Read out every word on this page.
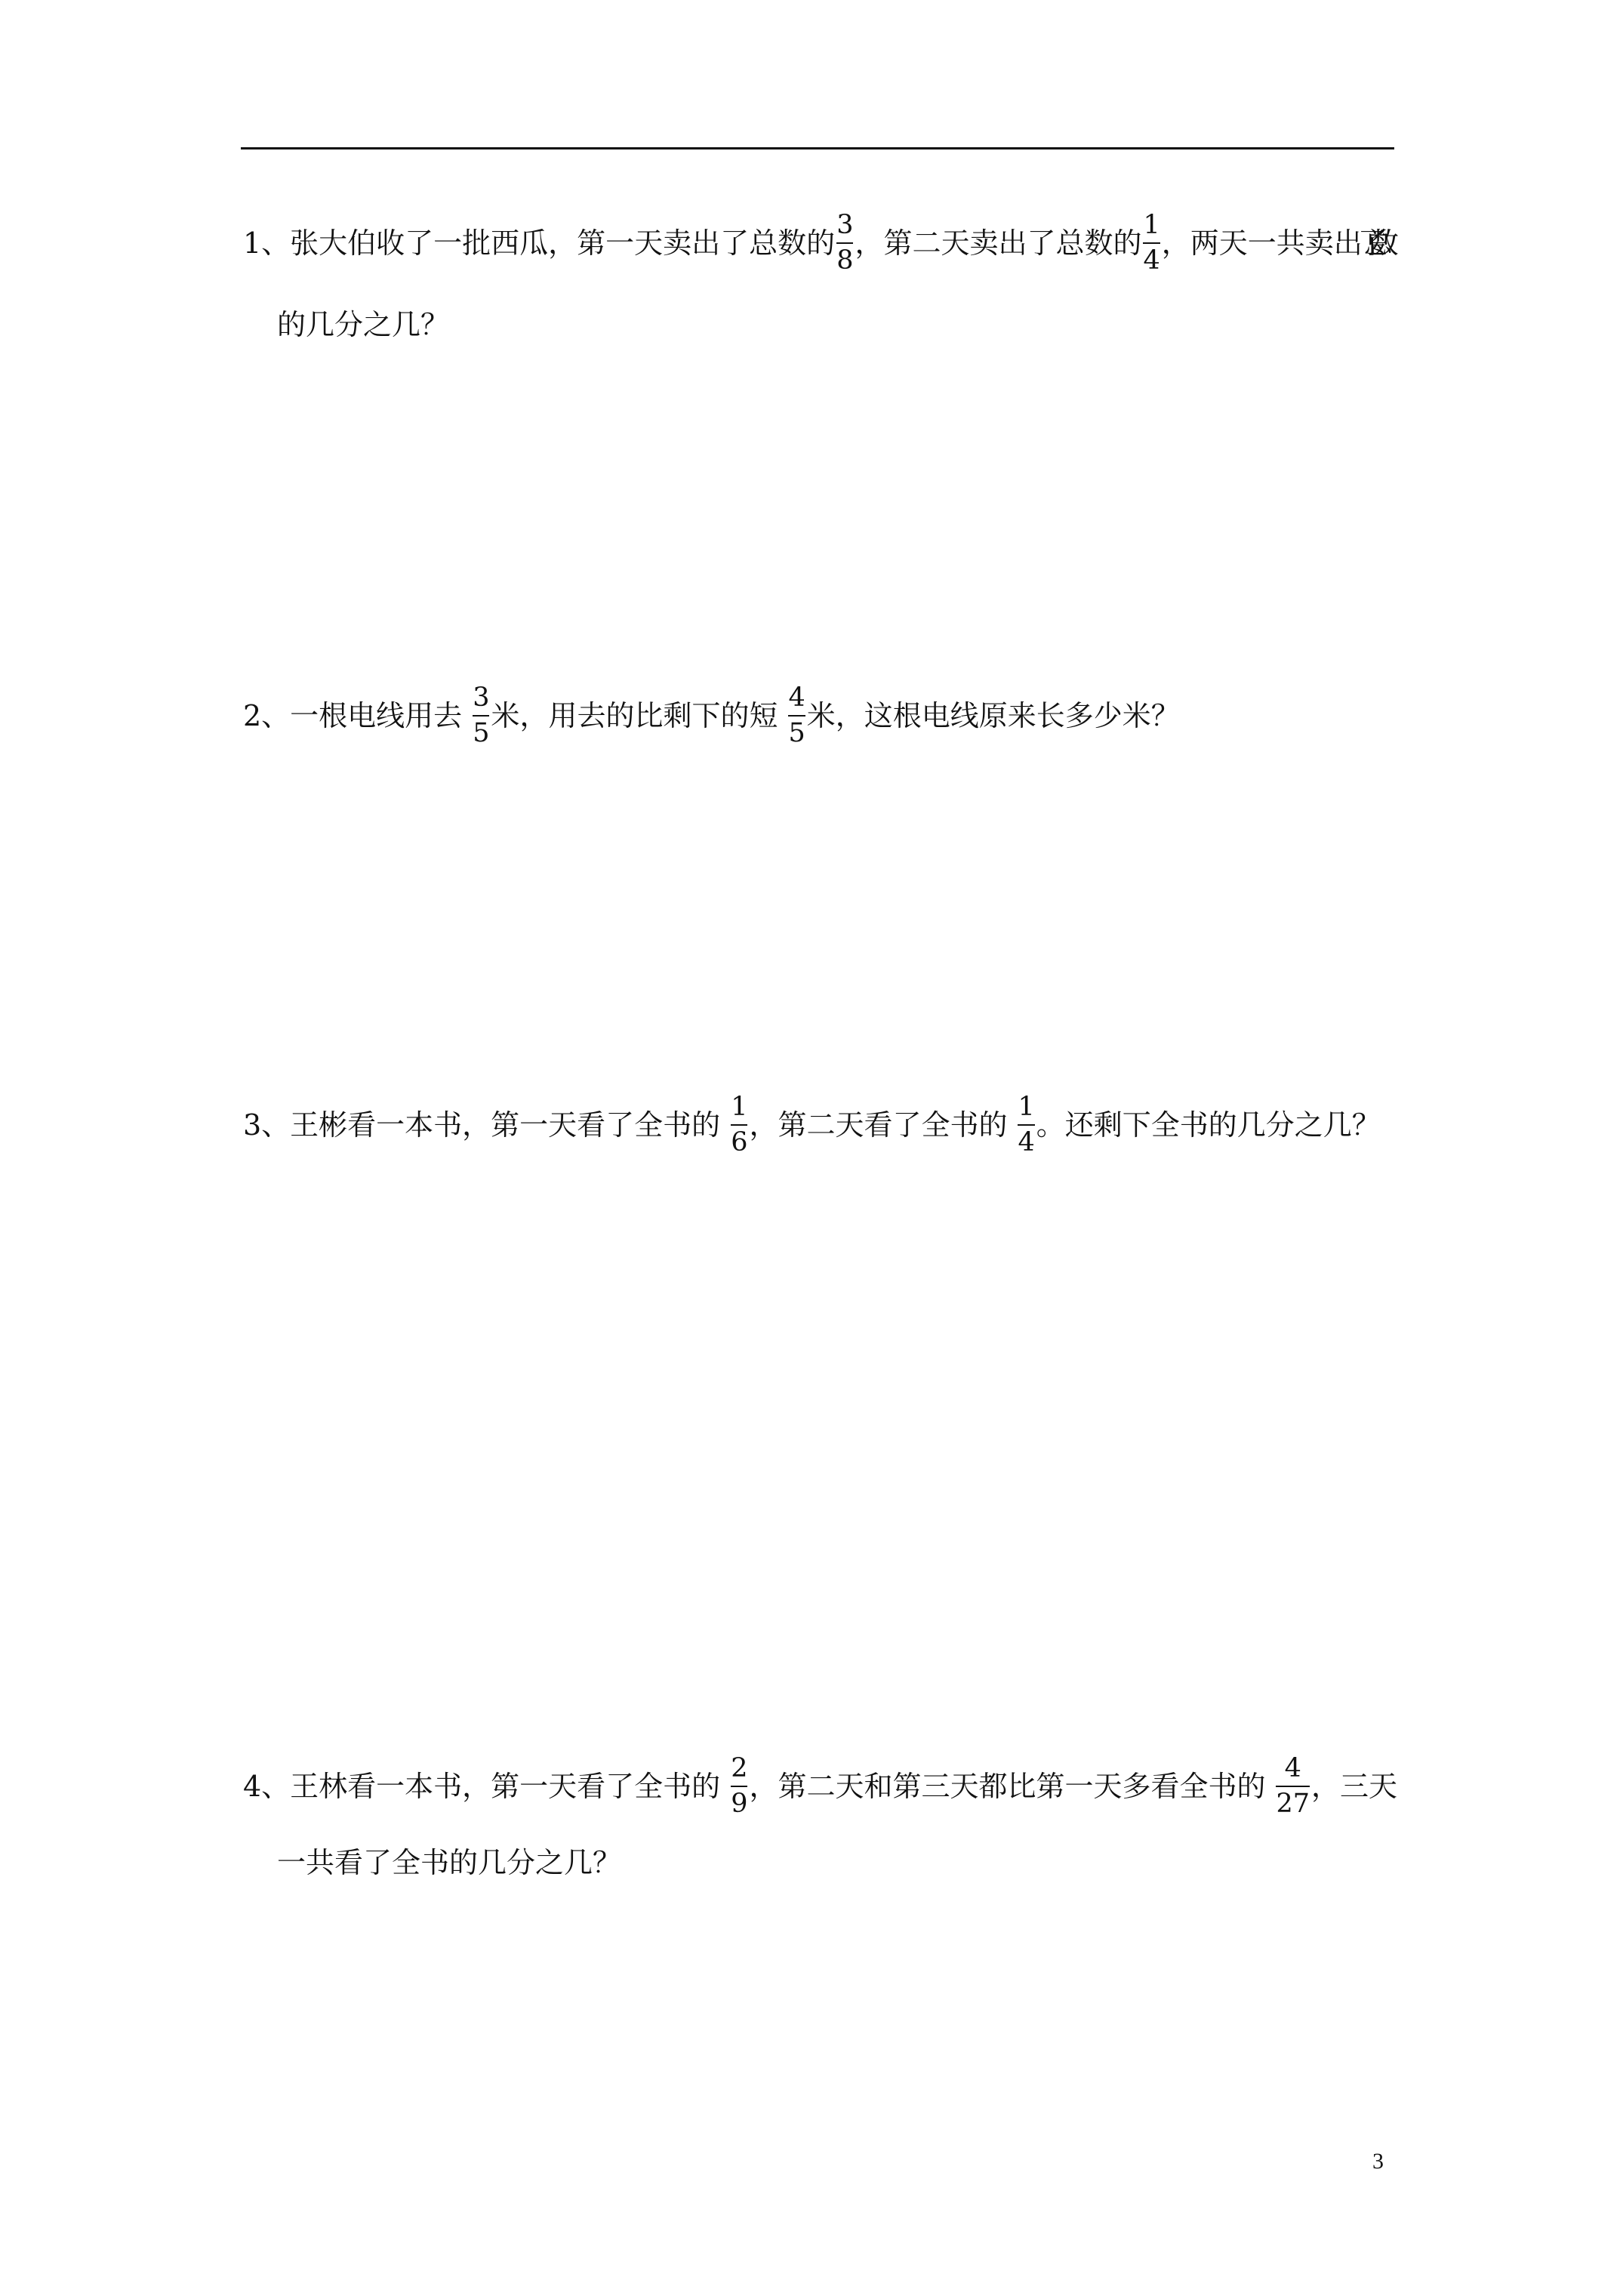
1、张大伯收了一批西瓜，第一天卖出了总数的 $\frac{3}{8}$ ，第二天卖出了总数的 $\frac{1}{4}$ ，两天一共卖出
了总数
的几分之几？
2、一根电线用去 $\frac{3}{5}$ 米，用去的比剩下的短 $\frac{4}{5}$ 米，这根电线原来长多少米？
3、王彬看一本书，第一天看了全书的 $\frac{1}{6}$ ，第二天看了全书的 $\frac{1}{4}$ 。还剩下全书的几分之几？
4、王林看一本书，第一天看了全书的 $\frac{2}{9}$ ，第二天和第三天都比第一天多看全书的 $\frac{4}{27}$ ，三天
一共看了全书的几分之几？
3
